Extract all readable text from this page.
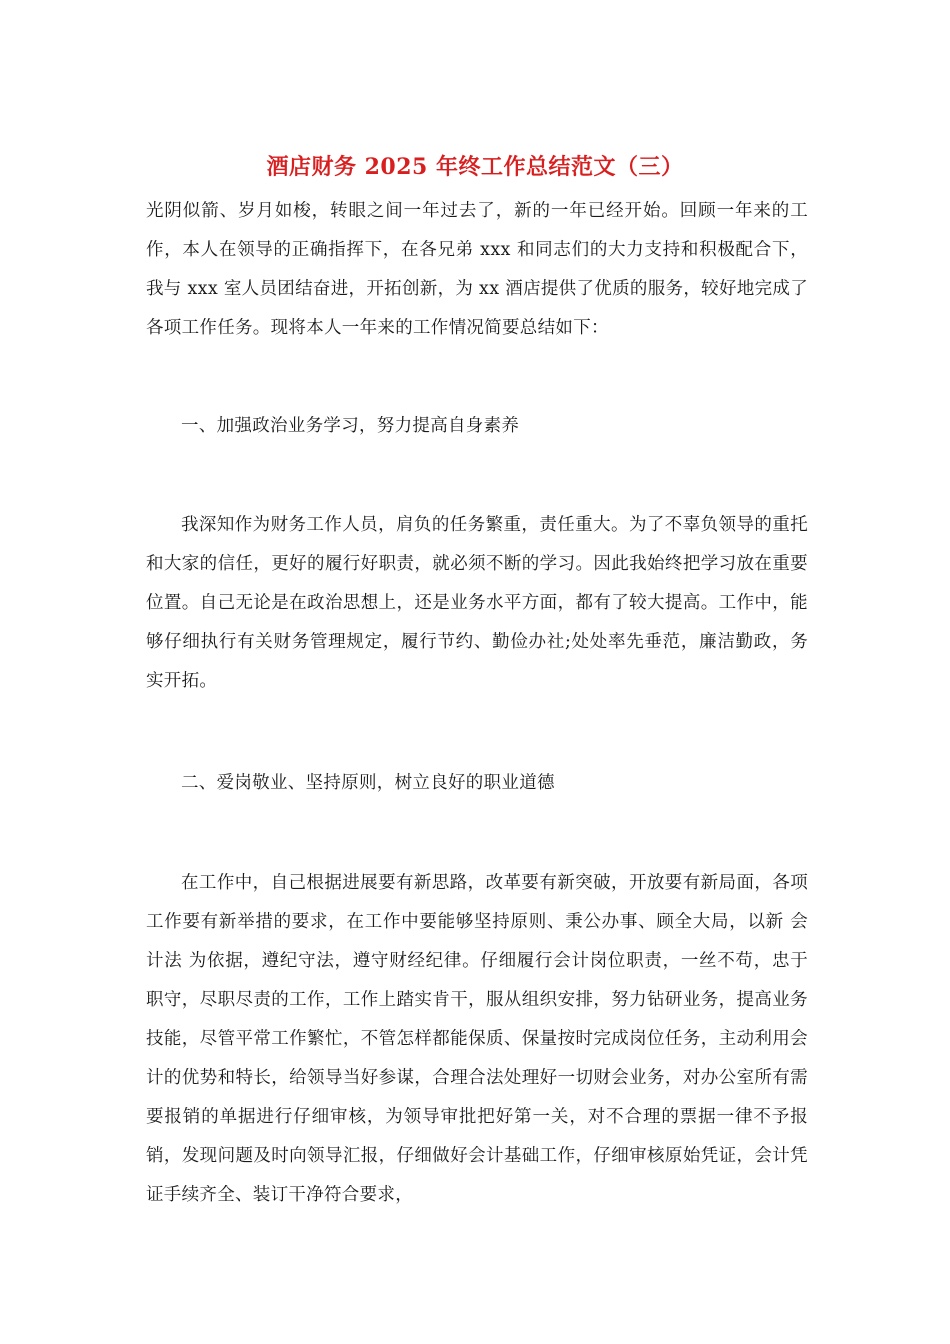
酒店财务 2025 年终工作总结范文（三）

光阴似箭、岁月如梭，转眼之间一年过去了，新的一年已经开始。回顾一年来的工作，本人在领导的正确指挥下，在各兄弟 xxx 和同志们的大力支持和积极配合下，我与 xxx 室人员团结奋进，开拓创新，为 xx 酒店提供了优质的服务，较好地完成了各项工作任务。现将本人一年来的工作情况简要总结如下：

一、加强政治业务学习，努力提高自身素养

我深知作为财务工作人员，肩负的任务繁重，责任重大。为了不辜负领导的重托和大家的信任，更好的履行好职责，就必须不断的学习。因此我始终把学习放在重要位置。自己无论是在政治思想上，还是业务水平方面，都有了较大提高。工作中，能够仔细执行有关财务管理规定，履行节约、勤俭办社;处处率先垂范，廉洁勤政，务实开拓。

二、爱岗敬业、坚持原则，树立良好的职业道德

在工作中，自己根据进展要有新思路，改革要有新突破，开放要有新局面，各项工作要有新举措的要求，在工作中要能够坚持原则、秉公办事、顾全大局，以新 会计法 为依据，遵纪守法，遵守财经纪律。仔细履行会计岗位职责，一丝不苟，忠于职守，尽职尽责的工作，工作上踏实肯干，服从组织安排，努力钻研业务，提高业务技能，尽管平常工作繁忙，不管怎样都能保质、保量按时完成岗位任务，主动利用会计的优势和特长，给领导当好参谋，合理合法处理好一切财会业务，对办公室所有需要报销的单据进行仔细审核，为领导审批把好第一关，对不合理的票据一律不予报销，发现问题及时向领导汇报，仔细做好会计基础工作，仔细审核原始凭证，会计凭证手续齐全、装订干净符合要求，
